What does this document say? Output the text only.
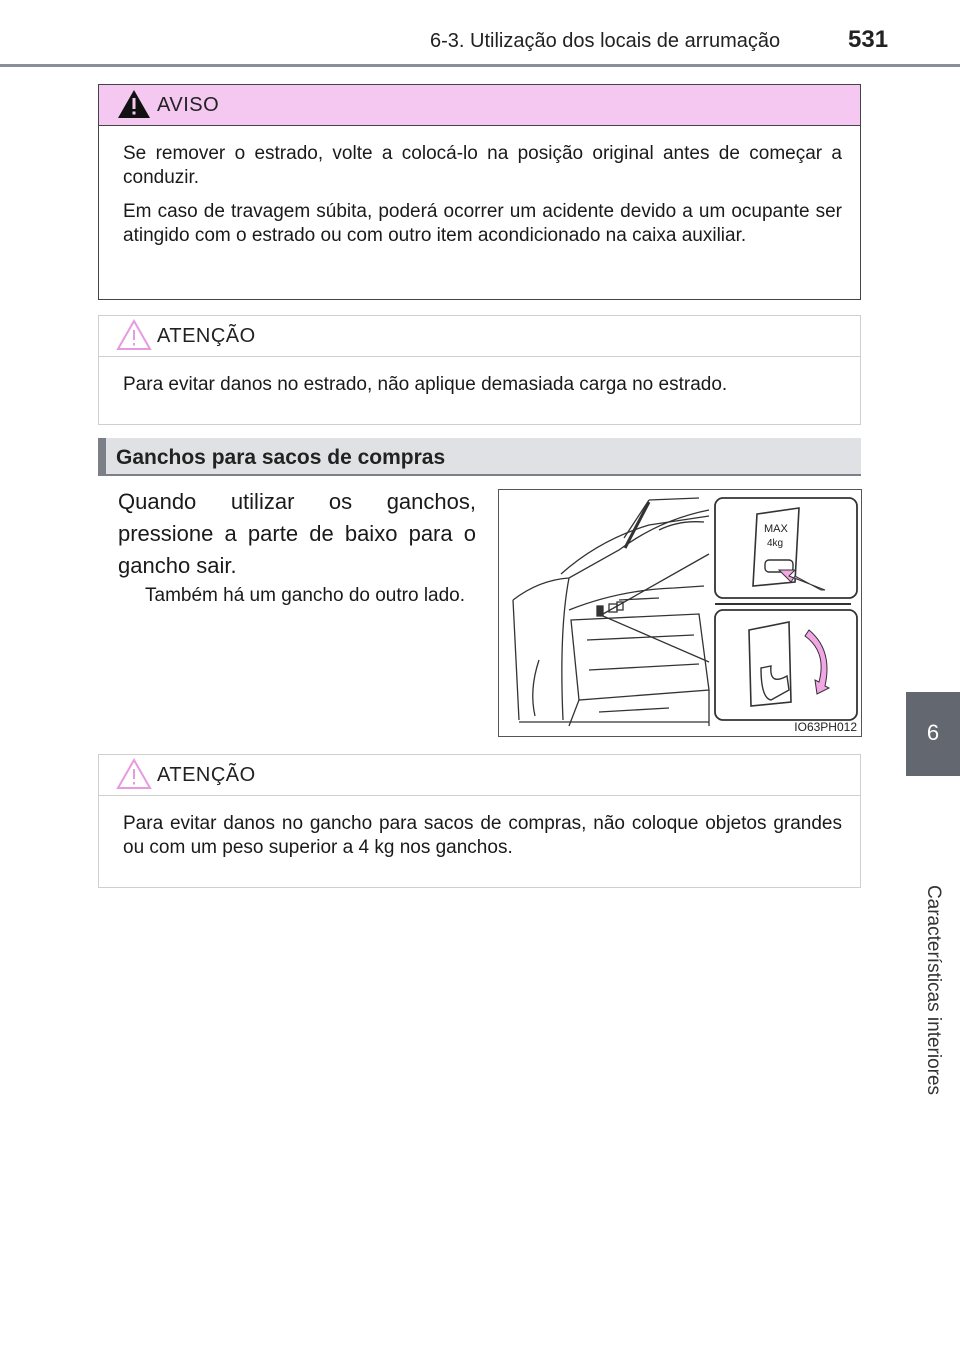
6-3. Utilização dos locais de arrumação	531
6
Características interiores
AVISO

Se remover o estrado, volte a colocá-lo na posição original antes de começar a conduzir.

Em caso de travagem súbita, poderá ocorrer um acidente devido a um ocupante ser atingido com o estrado ou com outro item acondicionado na caixa auxiliar.

ATENÇÃO

Para evitar danos no estrado, não aplique demasiada carga no estrado.

Ganchos para sacos de compras

Quando utilizar os ganchos, pressione a parte de baixo para o gancho sair.

Também há um gancho do outro lado.

MAX
4kg
IO63PH012
ATENÇÃO

Para evitar danos no gancho para sacos de compras, não coloque objetos grandes ou com um peso superior a 4 kg nos ganchos.
